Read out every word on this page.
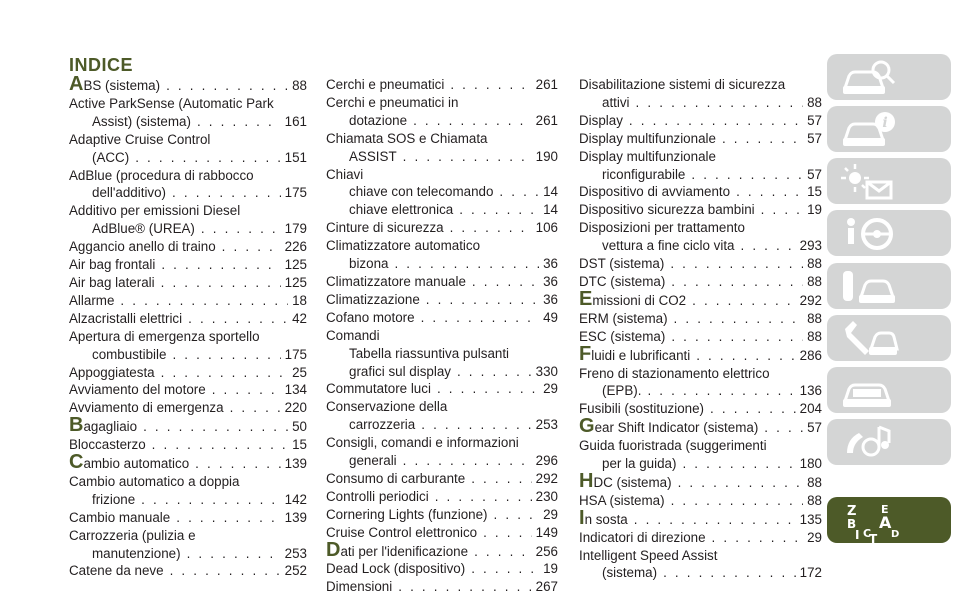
INDICE
ABS (sistema) . . .	88
Active ParkSense (Automatic Park
Assist) (sistema) . . .	161
Adaptive Cruise Control
(ACC) . . .	151
AdBlue (procedura di rabbocco
dell'additivo) . . .	175
Additivo per emissioni Diesel
AdBlue® (UREA) . . .	179
Aggancio anello di traino . . .	226
Air bag frontali . . .	125
Air bag laterali . . .	125
Allarme . . .	18
Alzacristalli elettrici . . .	42
Apertura di emergenza sportello
combustibile . . .	175
Appoggiatesta . . .	25
Avviamento del motore . . .	134
Avviamento di emergenza . . .	220
Bagagliaio . . .	50
Bloccasterzo . . .	15
Cambio automatico . . .	139
Cambio automatico a doppia
frizione . . .	142
Cambio manuale . . .	139
Carrozzeria (pulizia e
manutenzione) . . .	253
Catene da neve . . .	252
Cerchi e pneumatici . . .	261
Cerchi e pneumatici in
dotazione . . .	261
Chiamata SOS e Chiamata
ASSIST . . .	190
Chiavi
chiave con telecomando . . .	14
chiave elettronica . . .	14
Cinture di sicurezza . . .	106
Climatizzatore automatico
bizona . . .	36
Climatizzatore manuale . . .	36
Climatizzazione . . .	36
Cofano motore . . .	49
Comandi
Tabella riassuntiva pulsanti
grafici sul display . . .	330
Commutatore luci . . .	29
Conservazione della
carrozzeria . . .	253
Consigli, comandi e informazioni
generali . . .	296
Consumo di carburante . . .	292
Controlli periodici . . .	230
Cornering Lights (funzione) . . .	29
Cruise Control elettronico . . .	149
Dati per l'idenificazione . . .	256
Dead Lock (dispositivo) . . .	19
Dimensioni . . .	267
Disabilitazione sistemi di sicurezza
attivi . . .	88
Display . . .	57
Display multifunzionale . . .	57
Display multifunzionale
riconfigurabile . . .	57
Dispositivo di avviamento . . .	15
Dispositivo sicurezza bambini . . .	19
Disposizioni per trattamento
vettura a fine ciclo vita . . .	293
DST (sistema) . . .	88
DTC (sistema) . . .	88
Emissioni di CO2 . . .	292
ERM (sistema) . . .	88
ESC (sistema) . . .	88
Fluidi e lubrificanti . . .	286
Freno di stazionamento elettrico
(EPB). . . .	136
Fusibili (sostituzione) . . .	204
Gear Shift Indicator (sistema) . . .	57
Guida fuoristrada (suggerimenti
per la guida) . . .	180
HDC (sistema) . . .	88
HSA (sistema) . . .	88
In sosta . . .	135
Indicatori di direzione . . .	29
Intelligent Speed Assist
(sistema) . . .	172
i
Z E
B A
I C D
T
